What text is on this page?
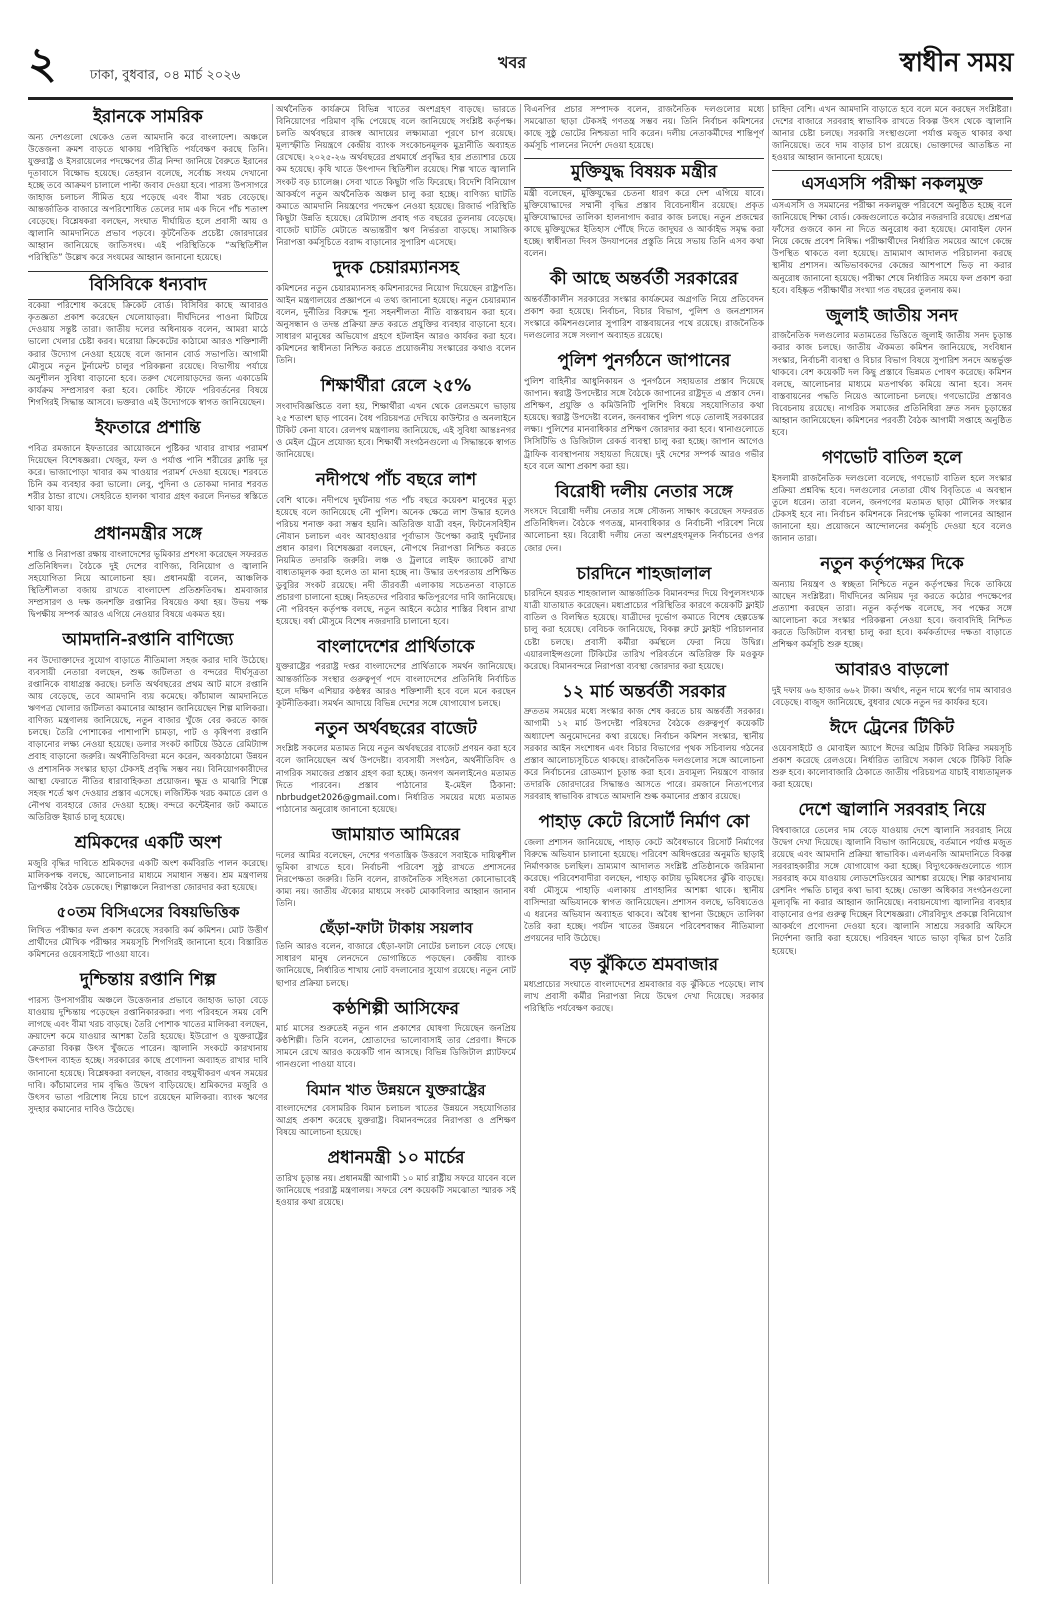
২	ঢাকা, বুধবার, ০৪ মার্চ ২০২৬
খবর	স্বাধীন সময়
ইরানকে সামরিক

অন্য দেশগুলো থেকেও তেল আমদানি করে বাংলাদেশ। অঞ্চলে উত্তেজনা ক্রমশ বাড়তে থাকায় পরিস্থিতি পর্যবেক্ষণ করছে তিনি। যুক্তরাষ্ট্র ও ইসরায়েলের পদক্ষেপের তীব্র নিন্দা জানিয়ে বৈরুতে ইরানের দূতাবাসে বিক্ষোভ হয়েছে। তেহরান বলেছে, সর্বোচ্চ সংযম দেখানো হচ্ছে তবে আক্রমণ চালালে পাল্টা জবাব দেওয়া হবে। পারস্য উপসাগরে জাহাজ চলাচল সীমিত হয়ে পড়েছে এবং বীমা খরচ বেড়েছে। আন্তর্জাতিক বাজারে অপরিশোধিত তেলের দাম এক দিনে পাঁচ শতাংশ বেড়েছে। বিশ্লেষকরা বলছেন, সংঘাত দীর্ঘায়িত হলে প্রবাসী আয় ও জ্বালানি আমদানিতে প্রভাব পড়বে। কূটনৈতিক প্রচেষ্টা জোরদারের আহ্বান জানিয়েছে জাতিসংঘ। এই পরিস্থিতিকে “অস্থিতিশীল পরিস্থিতি” উল্লেখ করে সংযমের আহ্বান জানানো হয়েছে।

বিসিবিকে ধন্যবাদ

বকেয়া পরিশোধ করেছে ক্রিকেট বোর্ড। বিসিবির কাছে আবারও কৃতজ্ঞতা প্রকাশ করেছেন খেলোয়াড়রা। দীর্ঘদিনের পাওনা মিটিয়ে দেওয়ায় সন্তুষ্ট তারা। জাতীয় দলের অধিনায়ক বলেন, আমরা মাঠে ভালো খেলার চেষ্টা করব। ঘরোয়া ক্রিকেটের কাঠামো আরও শক্তিশালী করার উদ্যোগ নেওয়া হয়েছে বলে জানান বোর্ড সভাপতি। আগামী মৌসুমে নতুন টুর্নামেন্ট চালুর পরিকল্পনা রয়েছে। বিভাগীয় পর্যায়ে অনুশীলন সুবিধা বাড়ানো হবে। তরুণ খেলোয়াড়দের জন্য একাডেমি কার্যক্রম সম্প্রসারণ করা হবে। কোচিং স্টাফে পরিবর্তনের বিষয়ে শিগগিরই সিদ্ধান্ত আসবে। ভক্তরাও এই উদ্যোগকে স্বাগত জানিয়েছেন।

ইফতারে প্রশান্তি

পবিত্র রমজানে ইফতারের আয়োজনে পুষ্টিকর খাবার রাখার পরামর্শ দিয়েছেন বিশেষজ্ঞরা। খেজুর, ফল ও পর্যাপ্ত পানি শরীরের ক্লান্তি দূর করে। ভাজাপোড়া খাবার কম খাওয়ার পরামর্শ দেওয়া হয়েছে। শরবতে চিনি কম ব্যবহার করা ভালো। লেবু, পুদিনা ও তোকমা দানার শরবত শরীর ঠান্ডা রাখে। সেহরিতে হালকা খাবার গ্রহণ করলে দিনভর স্বস্তিতে থাকা যায়।

প্রধানমন্ত্রীর সঙ্গে

শান্তি ও নিরাপত্তা রক্ষায় বাংলাদেশের ভূমিকার প্রশংসা করেছেন সফররত প্রতিনিধিদল। বৈঠকে দুই দেশের বাণিজ্য, বিনিয়োগ ও জ্বালানি সহযোগিতা নিয়ে আলোচনা হয়। প্রধানমন্ত্রী বলেন, আঞ্চলিক স্থিতিশীলতা বজায় রাখতে বাংলাদেশ প্রতিশ্রুতিবদ্ধ। শ্রমবাজার সম্প্রসারণ ও দক্ষ জনশক্তি রপ্তানির বিষয়েও কথা হয়। উভয় পক্ষ দ্বিপক্ষীয় সম্পর্ক আরও এগিয়ে নেওয়ার বিষয়ে একমত হয়।

আমদানি-রপ্তানি বাণিজ্যে

নব উদ্যোক্তাদের সুযোগ বাড়াতে নীতিমালা সহজ করার দাবি উঠেছে। ব্যবসায়ী নেতারা বলছেন, শুল্ক জটিলতা ও বন্দরের দীর্ঘসূত্রতা রপ্তানিকে বাধাগ্রস্ত করছে। চলতি অর্থবছরের প্রথম আট মাসে রপ্তানি আয় বেড়েছে, তবে আমদানি ব্যয় কমেছে। কাঁচামাল আমদানিতে ঋণপত্র খোলার জটিলতা কমানোর আহ্বান জানিয়েছেন শিল্প মালিকরা। বাণিজ্য মন্ত্রণালয় জানিয়েছে, নতুন বাজার খুঁজে বের করতে কাজ চলছে। তৈরি পোশাকের পাশাপাশি চামড়া, পাট ও কৃষিপণ্য রপ্তানি বাড়ানোর লক্ষ্য নেওয়া হয়েছে। ডলার সংকট কাটিয়ে উঠতে রেমিট্যান্স প্রবাহ বাড়ানো জরুরি। অর্থনীতিবিদরা মনে করেন, অবকাঠামো উন্নয়ন ও প্রশাসনিক সংস্কার ছাড়া টেকসই প্রবৃদ্ধি সম্ভব নয়। বিনিয়োগকারীদের আস্থা ফেরাতে নীতির ধারাবাহিকতা প্রয়োজন। ক্ষুদ্র ও মাঝারি শিল্পে সহজ শর্তে ঋণ দেওয়ার প্রস্তাব এসেছে। লজিস্টিক খরচ কমাতে রেল ও নৌপথ ব্যবহারে জোর দেওয়া হচ্ছে। বন্দরে কন্টেইনার জট কমাতে অতিরিক্ত ইয়ার্ড চালু হয়েছে।

শ্রমিকদের একটি অংশ

মজুরি বৃদ্ধির দাবিতে শ্রমিকদের একটি অংশ কর্মবিরতি পালন করেছে। মালিকপক্ষ বলছে, আলোচনার মাধ্যমে সমাধান সম্ভব। শ্রম মন্ত্রণালয় ত্রিপক্ষীয় বৈঠক ডেকেছে। শিল্পাঞ্চলে নিরাপত্তা জোরদার করা হয়েছে।

৫০তম বিসিএসের বিষয়ভিত্তিক

লিখিত পরীক্ষার ফল প্রকাশ করেছে সরকারি কর্ম কমিশন। মোট উত্তীর্ণ প্রার্থীদের মৌখিক পরীক্ষার সময়সূচি শিগগিরই জানানো হবে। বিস্তারিত কমিশনের ওয়েবসাইটে পাওয়া যাবে।

দুশ্চিন্তায় রপ্তানি শিল্প

পারস্য উপসাগরীয় অঞ্চলে উত্তেজনার প্রভাবে জাহাজ ভাড়া বেড়ে যাওয়ায় দুশ্চিন্তায় পড়েছেন রপ্তানিকারকরা। পণ্য পরিবহনে সময় বেশি লাগছে এবং বীমা খরচ বাড়ছে। তৈরি পোশাক খাতের মালিকরা বলছেন, ক্রয়াদেশ কমে যাওয়ার আশঙ্কা তৈরি হয়েছে। ইউরোপ ও যুক্তরাষ্ট্রের ক্রেতারা বিকল্প উৎস খুঁজতে পারেন। জ্বালানি সংকটে কারখানায় উৎপাদন ব্যাহত হচ্ছে। সরকারের কাছে প্রণোদনা অব্যাহত রাখার দাবি জানানো হয়েছে। বিশ্লেষকরা বলছেন, বাজার বহুমুখীকরণ এখন সময়ের দাবি। কাঁচামালের দাম বৃদ্ধিও উদ্বেগ বাড়িয়েছে। শ্রমিকদের মজুরি ও উৎসব ভাতা পরিশোধ নিয়ে চাপে রয়েছেন মালিকরা। ব্যাংক ঋণের সুদহার কমানোর দাবিও উঠেছে।

অর্থনৈতিক কার্যক্রমে বিভিন্ন খাতের অংশগ্রহণ বাড়ছে। ভারতে বিনিয়োগের পরিমাণ বৃদ্ধি পেয়েছে বলে জানিয়েছে সংশ্লিষ্ট কর্তৃপক্ষ। চলতি অর্থবছরে রাজস্ব আদায়ের লক্ষ্যমাত্রা পূরণে চাপ রয়েছে। মূল্যস্ফীতি নিয়ন্ত্রণে কেন্দ্রীয় ব্যাংক সংকোচনমূলক মুদ্রানীতি অব্যাহত রেখেছে। ২০২৫-২৬ অর্থবছরের প্রথমার্ধে প্রবৃদ্ধির হার প্রত্যাশার চেয়ে কম হয়েছে। কৃষি খাতে উৎপাদন স্থিতিশীল রয়েছে। শিল্প খাতে জ্বালানি সংকট বড় চ্যালেঞ্জ। সেবা খাতে কিছুটা গতি ফিরেছে। বিদেশি বিনিয়োগ আকর্ষণে নতুন অর্থনৈতিক অঞ্চল চালু করা হচ্ছে। বাণিজ্য ঘাটতি কমাতে আমদানি নিয়ন্ত্রণের পদক্ষেপ নেওয়া হয়েছে। রিজার্ভ পরিস্থিতি কিছুটা উন্নতি হয়েছে। রেমিট্যান্স প্রবাহ গত বছরের তুলনায় বেড়েছে। বাজেট ঘাটতি মেটাতে অভ্যন্তরীণ ঋণ নির্ভরতা বাড়ছে। সামাজিক নিরাপত্তা কর্মসূচিতে বরাদ্দ বাড়ানোর সুপারিশ এসেছে।

দুদক চেয়ারম্যানসহ

কমিশনের নতুন চেয়ারম্যানসহ কমিশনারদের নিয়োগ দিয়েছেন রাষ্ট্রপতি। আইন মন্ত্রণালয়ের প্রজ্ঞাপনে এ তথ্য জানানো হয়েছে। নতুন চেয়ারম্যান বলেন, দুর্নীতির বিরুদ্ধে শূন্য সহনশীলতা নীতি বাস্তবায়ন করা হবে। অনুসন্ধান ও তদন্ত প্রক্রিয়া দ্রুত করতে প্রযুক্তির ব্যবহার বাড়ানো হবে। সাধারণ মানুষের অভিযোগ গ্রহণে হটলাইন আরও কার্যকর করা হবে। কমিশনের স্বাধীনতা নিশ্চিত করতে প্রয়োজনীয় সংস্কারের কথাও বলেন তিনি।

শিক্ষার্থীরা রেলে ২৫%

সংবাদবিজ্ঞপ্তিতে বলা হয়, শিক্ষার্থীরা এখন থেকে রেলভ্রমণে ভাড়ায় ২৫ শতাংশ ছাড় পাবেন। বৈধ পরিচয়পত্র দেখিয়ে কাউন্টার ও অনলাইনে টিকিট কেনা যাবে। রেলপথ মন্ত্রণালয় জানিয়েছে, এই সুবিধা আন্তঃনগর ও মেইল ট্রেনে প্রযোজ্য হবে। শিক্ষার্থী সংগঠনগুলো এ সিদ্ধান্তকে স্বাগত জানিয়েছে।

নদীপথে পাঁচ বছরে লাশ

বেশি থাকে। নদীপথে দুর্ঘটনায় গত পাঁচ বছরে কয়েকশ মানুষের মৃত্যু হয়েছে বলে জানিয়েছে নৌ পুলিশ। অনেক ক্ষেত্রে লাশ উদ্ধার হলেও পরিচয় শনাক্ত করা সম্ভব হয়নি। অতিরিক্ত যাত্রী বহন, ফিটনেসবিহীন নৌযান চলাচল এবং আবহাওয়ার পূর্বাভাস উপেক্ষা করাই দুর্ঘটনার প্রধান কারণ। বিশেষজ্ঞরা বলছেন, নৌপথে নিরাপত্তা নিশ্চিত করতে নিয়মিত তদারকি জরুরি। লঞ্চ ও ট্রলারে লাইফ জ্যাকেট রাখা বাধ্যতামূলক করা হলেও তা মানা হচ্ছে না। উদ্ধার তৎপরতায় প্রশিক্ষিত ডুবুরির সংকট রয়েছে। নদী তীরবর্তী এলাকায় সচেতনতা বাড়াতে প্রচারণা চালানো হচ্ছে। নিহতদের পরিবার ক্ষতিপূরণের দাবি জানিয়েছে। নৌ পরিবহন কর্তৃপক্ষ বলছে, নতুন আইনে কঠোর শাস্তির বিধান রাখা হয়েছে। বর্ষা মৌসুমে বিশেষ নজরদারি চালানো হবে।

বাংলাদেশের প্রার্থিতাকে

যুক্তরাষ্ট্রের পররাষ্ট্র দপ্তর বাংলাদেশের প্রার্থিতাকে সমর্থন জানিয়েছে। আন্তর্জাতিক সংস্থার গুরুত্বপূর্ণ পদে বাংলাদেশের প্রতিনিধি নির্বাচিত হলে দক্ষিণ এশিয়ার কণ্ঠস্বর আরও শক্তিশালী হবে বলে মনে করছেন কূটনীতিকরা। সমর্থন আদায়ে বিভিন্ন দেশের সঙ্গে যোগাযোগ চলছে।

নতুন অর্থবছরের বাজেট

সংশ্লিষ্ট সকলের মতামত নিয়ে নতুন অর্থবছরের বাজেট প্রণয়ন করা হবে বলে জানিয়েছেন অর্থ উপদেষ্টা। ব্যবসায়ী সংগঠন, অর্থনীতিবিদ ও নাগরিক সমাজের প্রস্তাব গ্রহণ করা হচ্ছে। জনগণ অনলাইনেও মতামত দিতে পারবেন। প্রস্তাব পাঠানোর ই-মেইল ঠিকানা: nbrbudget2026@gmail.com। নির্ধারিত সময়ের মধ্যে মতামত পাঠানোর অনুরোধ জানানো হয়েছে।

জামায়াত আমিরের

দলের আমির বলেছেন, দেশের গণতান্ত্রিক উত্তরণে সবাইকে দায়িত্বশীল ভূমিকা রাখতে হবে। নির্বাচনী পরিবেশ সুষ্ঠু রাখতে প্রশাসনের নিরপেক্ষতা জরুরি। তিনি বলেন, রাজনৈতিক সহিংসতা কোনোভাবেই কাম্য নয়। জাতীয় ঐক্যের মাধ্যমে সংকট মোকাবিলার আহ্বান জানান তিনি।

ছেঁড়া-ফাটা টাকায় সয়লাব

তিনি আরও বলেন, বাজারে ছেঁড়া-ফাটা নোটের চলাচল বেড়ে গেছে। সাধারণ মানুষ লেনদেনে ভোগান্তিতে পড়ছেন। কেন্দ্রীয় ব্যাংক জানিয়েছে, নির্ধারিত শাখায় নোট বদলানোর সুযোগ রয়েছে। নতুন নোট ছাপার প্রক্রিয়া চলছে।

কণ্ঠশিল্পী আসিফের

মার্চ মাসের শুরুতেই নতুন গান প্রকাশের ঘোষণা দিয়েছেন জনপ্রিয় কণ্ঠশিল্পী। তিনি বলেন, শ্রোতাদের ভালোবাসাই তার প্রেরণা। ঈদকে সামনে রেখে আরও কয়েকটি গান আসছে। বিভিন্ন ডিজিটাল প্ল্যাটফর্মে গানগুলো পাওয়া যাবে।

বিমান খাত উন্নয়নে যুক্তরাষ্ট্রের

বাংলাদেশের বেসামরিক বিমান চলাচল খাতের উন্নয়নে সহযোগিতার আগ্রহ প্রকাশ করেছে যুক্তরাষ্ট্র। বিমানবন্দরের নিরাপত্তা ও প্রশিক্ষণ বিষয়ে আলোচনা হয়েছে।

প্রধানমন্ত্রী ১০ মার্চের

তারিখ চূড়ান্ত নয়। প্রধানমন্ত্রী আগামী ১০ মার্চ রাষ্ট্রীয় সফরে যাবেন বলে জানিয়েছে পররাষ্ট্র মন্ত্রণালয়। সফরে বেশ কয়েকটি সমঝোতা স্মারক সই হওয়ার কথা রয়েছে।

বিএনপির প্রচার সম্পাদক বলেন, রাজনৈতিক দলগুলোর মধ্যে সমঝোতা ছাড়া টেকসই গণতন্ত্র সম্ভব নয়। তিনি নির্বাচন কমিশনের কাছে সুষ্ঠু ভোটের নিশ্চয়তা দাবি করেন। দলীয় নেতাকর্মীদের শান্তিপূর্ণ কর্মসূচি পালনের নির্দেশ দেওয়া হয়েছে।

মুক্তিযুদ্ধ বিষয়ক মন্ত্রীর

মন্ত্রী বলেছেন, মুক্তিযুদ্ধের চেতনা ধারণ করে দেশ এগিয়ে যাবে। মুক্তিযোদ্ধাদের সম্মানী বৃদ্ধির প্রস্তাব বিবেচনাধীন রয়েছে। প্রকৃত মুক্তিযোদ্ধাদের তালিকা হালনাগাদ করার কাজ চলছে। নতুন প্রজন্মের কাছে মুক্তিযুদ্ধের ইতিহাস পৌঁছে দিতে জাদুঘর ও আর্কাইভ সমৃদ্ধ করা হচ্ছে। স্বাধীনতা দিবস উদযাপনের প্রস্তুতি নিয়ে সভায় তিনি এসব কথা বলেন।

কী আছে অন্তর্বর্তী সরকারের

অন্তর্বর্তীকালীন সরকারের সংস্কার কার্যক্রমের অগ্রগতি নিয়ে প্রতিবেদন প্রকাশ করা হয়েছে। নির্বাচন, বিচার বিভাগ, পুলিশ ও জনপ্রশাসন সংস্কারে কমিশনগুলোর সুপারিশ বাস্তবায়নের পথে রয়েছে। রাজনৈতিক দলগুলোর সঙ্গে সংলাপ অব্যাহত রয়েছে।

পুলিশ পুনর্গঠনে জাপানের

পুলিশ বাহিনীর আধুনিকায়ন ও পুনর্গঠনে সহায়তার প্রস্তাব দিয়েছে জাপান। স্বরাষ্ট্র উপদেষ্টার সঙ্গে বৈঠকে জাপানের রাষ্ট্রদূত এ প্রস্তাব দেন। প্রশিক্ষণ, প্রযুক্তি ও কমিউনিটি পুলিশিং বিষয়ে সহযোগিতার কথা হয়েছে। স্বরাষ্ট্র উপদেষ্টা বলেন, জনবান্ধব পুলিশ গড়ে তোলাই সরকারের লক্ষ্য। পুলিশের মানবাধিকার প্রশিক্ষণ জোরদার করা হবে। থানাগুলোতে সিসিটিভি ও ডিজিটাল রেকর্ড ব্যবস্থা চালু করা হচ্ছে। জাপান আগেও ট্রাফিক ব্যবস্থাপনায় সহায়তা দিয়েছে। দুই দেশের সম্পর্ক আরও গভীর হবে বলে আশা প্রকাশ করা হয়।

বিরোধী দলীয় নেতার সঙ্গে

সংসদে বিরোধী দলীয় নেতার সঙ্গে সৌজন্য সাক্ষাৎ করেছেন সফররত প্রতিনিধিদল। বৈঠকে গণতন্ত্র, মানবাধিকার ও নির্বাচনী পরিবেশ নিয়ে আলোচনা হয়। বিরোধী দলীয় নেতা অংশগ্রহণমূলক নির্বাচনের ওপর জোর দেন।

চারদিনে শাহজালাল

চারদিনে হযরত শাহজালাল আন্তর্জাতিক বিমানবন্দর দিয়ে বিপুলসংখ্যক যাত্রী যাতায়াত করেছেন। মধ্যপ্রাচ্যের পরিস্থিতির কারণে কয়েকটি ফ্লাইট বাতিল ও বিলম্বিত হয়েছে। যাত্রীদের দুর্ভোগ কমাতে বিশেষ হেল্পডেস্ক চালু করা হয়েছে। বেবিচক জানিয়েছে, বিকল্প রুটে ফ্লাইট পরিচালনার চেষ্টা চলছে। প্রবাসী কর্মীরা কর্মস্থলে ফেরা নিয়ে উদ্বিগ্ন। এয়ারলাইন্সগুলো টিকিটের তারিখ পরিবর্তনে অতিরিক্ত ফি মওকুফ করেছে। বিমানবন্দরে নিরাপত্তা ব্যবস্থা জোরদার করা হয়েছে।

১২ মার্চ অন্তর্বর্তী সরকার

দ্রুততম সময়ের মধ্যে সংস্কার কাজ শেষ করতে চায় অন্তর্বর্তী সরকার। আগামী ১২ মার্চ উপদেষ্টা পরিষদের বৈঠকে গুরুত্বপূর্ণ কয়েকটি অধ্যাদেশ অনুমোদনের কথা রয়েছে। নির্বাচন কমিশন সংস্কার, স্থানীয় সরকার আইন সংশোধন এবং বিচার বিভাগের পৃথক সচিবালয় গঠনের প্রস্তাব আলোচ্যসূচিতে থাকছে। রাজনৈতিক দলগুলোর সঙ্গে আলোচনা করে নির্বাচনের রোডম্যাপ চূড়ান্ত করা হবে। দ্রব্যমূল্য নিয়ন্ত্রণে বাজার তদারকি জোরদারের সিদ্ধান্তও আসতে পারে। রমজানে নিত্যপণ্যের সরবরাহ স্বাভাবিক রাখতে আমদানি শুল্ক কমানোর প্রস্তাব রয়েছে।

পাহাড় কেটে রিসোর্ট নির্মাণ কো

জেলা প্রশাসন জানিয়েছে, পাহাড় কেটে অবৈধভাবে রিসোর্ট নির্মাণের বিরুদ্ধে অভিযান চালানো হয়েছে। পরিবেশ অধিদপ্তরের অনুমতি ছাড়াই নির্মাণকাজ চলছিল। ভ্রাম্যমাণ আদালত সংশ্লিষ্ট প্রতিষ্ঠানকে জরিমানা করেছে। পরিবেশবাদীরা বলছেন, পাহাড় কাটায় ভূমিধসের ঝুঁকি বাড়ছে। বর্ষা মৌসুমে পাহাড়ি এলাকায় প্রাণহানির আশঙ্কা থাকে। স্থানীয় বাসিন্দারা অভিযানকে স্বাগত জানিয়েছেন। প্রশাসন বলছে, ভবিষ্যতেও এ ধরনের অভিযান অব্যাহত থাকবে। অবৈধ স্থাপনা উচ্ছেদে তালিকা তৈরি করা হচ্ছে। পর্যটন খাতের উন্নয়নে পরিবেশবান্ধব নীতিমালা প্রণয়নের দাবি উঠেছে।

বড় ঝুঁকিতে শ্রমবাজার

মধ্যপ্রাচ্যের সংঘাতে বাংলাদেশের শ্রমবাজার বড় ঝুঁকিতে পড়েছে। লাখ লাখ প্রবাসী কর্মীর নিরাপত্তা নিয়ে উদ্বেগ দেখা দিয়েছে। সরকার পরিস্থিতি পর্যবেক্ষণ করছে।

চাহিদা বেশি। এখন আমদানি বাড়াতে হবে বলে মনে করছেন সংশ্লিষ্টরা। দেশের বাজারে সরবরাহ স্বাভাবিক রাখতে বিকল্প উৎস থেকে জ্বালানি আনার চেষ্টা চলছে। সরকারি সংস্থাগুলো পর্যাপ্ত মজুত থাকার কথা জানিয়েছে। তবে দাম বাড়ার চাপ রয়েছে। ভোক্তাদের আতঙ্কিত না হওয়ার আহ্বান জানানো হয়েছে।

এসএসসি পরীক্ষা নকলমুক্ত

এসএসসি ও সমমানের পরীক্ষা নকলমুক্ত পরিবেশে অনুষ্ঠিত হচ্ছে বলে জানিয়েছে শিক্ষা বোর্ড। কেন্দ্রগুলোতে কঠোর নজরদারি রয়েছে। প্রশ্নপত্র ফাঁসের গুজবে কান না দিতে অনুরোধ করা হয়েছে। মোবাইল ফোন নিয়ে কেন্দ্রে প্রবেশ নিষিদ্ধ। পরীক্ষার্থীদের নির্ধারিত সময়ের আগে কেন্দ্রে উপস্থিত থাকতে বলা হয়েছে। ভ্রাম্যমাণ আদালত পরিচালনা করছে স্থানীয় প্রশাসন। অভিভাবকদের কেন্দ্রের আশপাশে ভিড় না করার অনুরোধ জানানো হয়েছে। পরীক্ষা শেষে নির্ধারিত সময়ে ফল প্রকাশ করা হবে। বহিষ্কৃত পরীক্ষার্থীর সংখ্যা গত বছরের তুলনায় কম।

জুলাই জাতীয় সনদ

রাজনৈতিক দলগুলোর মতামতের ভিত্তিতে জুলাই জাতীয় সনদ চূড়ান্ত করার কাজ চলছে। জাতীয় ঐকমত্য কমিশন জানিয়েছে, সংবিধান সংস্কার, নির্বাচনী ব্যবস্থা ও বিচার বিভাগ বিষয়ে সুপারিশ সনদে অন্তর্ভুক্ত থাকবে। বেশ কয়েকটি দল কিছু প্রস্তাবে ভিন্নমত পোষণ করেছে। কমিশন বলছে, আলোচনার মাধ্যমে মতপার্থক্য কমিয়ে আনা হবে। সনদ বাস্তবায়নের পদ্ধতি নিয়েও আলোচনা চলছে। গণভোটের প্রস্তাবও বিবেচনায় রয়েছে। নাগরিক সমাজের প্রতিনিধিরা দ্রুত সনদ চূড়ান্তের আহ্বান জানিয়েছেন। কমিশনের পরবর্তী বৈঠক আগামী সপ্তাহে অনুষ্ঠিত হবে।

গণভোট বাতিল হলে

ইসলামী রাজনৈতিক দলগুলো বলেছে, গণভোট বাতিল হলে সংস্কার প্রক্রিয়া প্রশ্নবিদ্ধ হবে। দলগুলোর নেতারা যৌথ বিবৃতিতে এ অবস্থান তুলে ধরেন। তারা বলেন, জনগণের মতামত ছাড়া মৌলিক সংস্কার টেকসই হবে না। নির্বাচন কমিশনকে নিরপেক্ষ ভূমিকা পালনের আহ্বান জানানো হয়। প্রয়োজনে আন্দোলনের কর্মসূচি দেওয়া হবে বলেও জানান তারা।

নতুন কর্তৃপক্ষের দিকে

অন্যায় নিয়ন্ত্রণ ও স্বচ্ছতা নিশ্চিতে নতুন কর্তৃপক্ষের দিকে তাকিয়ে আছেন সংশ্লিষ্টরা। দীর্ঘদিনের অনিয়ম দূর করতে কঠোর পদক্ষেপের প্রত্যাশা করছেন তারা। নতুন কর্তৃপক্ষ বলেছে, সব পক্ষের সঙ্গে আলোচনা করে সংস্কার পরিকল্পনা নেওয়া হবে। জবাবদিহি নিশ্চিত করতে ডিজিটাল ব্যবস্থা চালু করা হবে। কর্মকর্তাদের দক্ষতা বাড়াতে প্রশিক্ষণ কর্মসূচি শুরু হচ্ছে।

আবারও বাড়লো

দুই দফায় ৬৬ হাজার ৬৬২ টাকা। অর্থাৎ, নতুন দামে স্বর্ণের দাম আবারও বেড়েছে। বাজুস জানিয়েছে, বুধবার থেকে নতুন দর কার্যকর হবে।

ঈদে ট্রেনের টিকিট

ওয়েবসাইটে ও মোবাইল অ্যাপে ঈদের অগ্রিম টিকিট বিক্রির সময়সূচি প্রকাশ করেছে রেলওয়ে। নির্ধারিত তারিখে সকাল থেকে টিকিট বিক্রি শুরু হবে। কালোবাজারি ঠেকাতে জাতীয় পরিচয়পত্র যাচাই বাধ্যতামূলক করা হয়েছে।

দেশে জ্বালানি সরবরাহ নিয়ে

বিশ্ববাজারে তেলের দাম বেড়ে যাওয়ায় দেশে জ্বালানি সরবরাহ নিয়ে উদ্বেগ দেখা দিয়েছে। জ্বালানি বিভাগ জানিয়েছে, বর্তমানে পর্যাপ্ত মজুত রয়েছে এবং আমদানি প্রক্রিয়া স্বাভাবিক। এলএনজি আমদানিতে বিকল্প সরবরাহকারীর সঙ্গে যোগাযোগ করা হচ্ছে। বিদ্যুৎকেন্দ্রগুলোতে গ্যাস সরবরাহ কমে যাওয়ায় লোডশেডিংয়ের আশঙ্কা রয়েছে। শিল্প কারখানায় রেশনিং পদ্ধতি চালুর কথা ভাবা হচ্ছে। ভোক্তা অধিকার সংগঠনগুলো মূল্যবৃদ্ধি না করার আহ্বান জানিয়েছে। নবায়নযোগ্য জ্বালানির ব্যবহার বাড়ানোর ওপর গুরুত্ব দিচ্ছেন বিশেষজ্ঞরা। সৌরবিদ্যুৎ প্রকল্পে বিনিয়োগ আকর্ষণে প্রণোদনা দেওয়া হবে। জ্বালানি সাশ্রয়ে সরকারি অফিসে নির্দেশনা জারি করা হয়েছে। পরিবহন খাতে ভাড়া বৃদ্ধির চাপ তৈরি হয়েছে।
